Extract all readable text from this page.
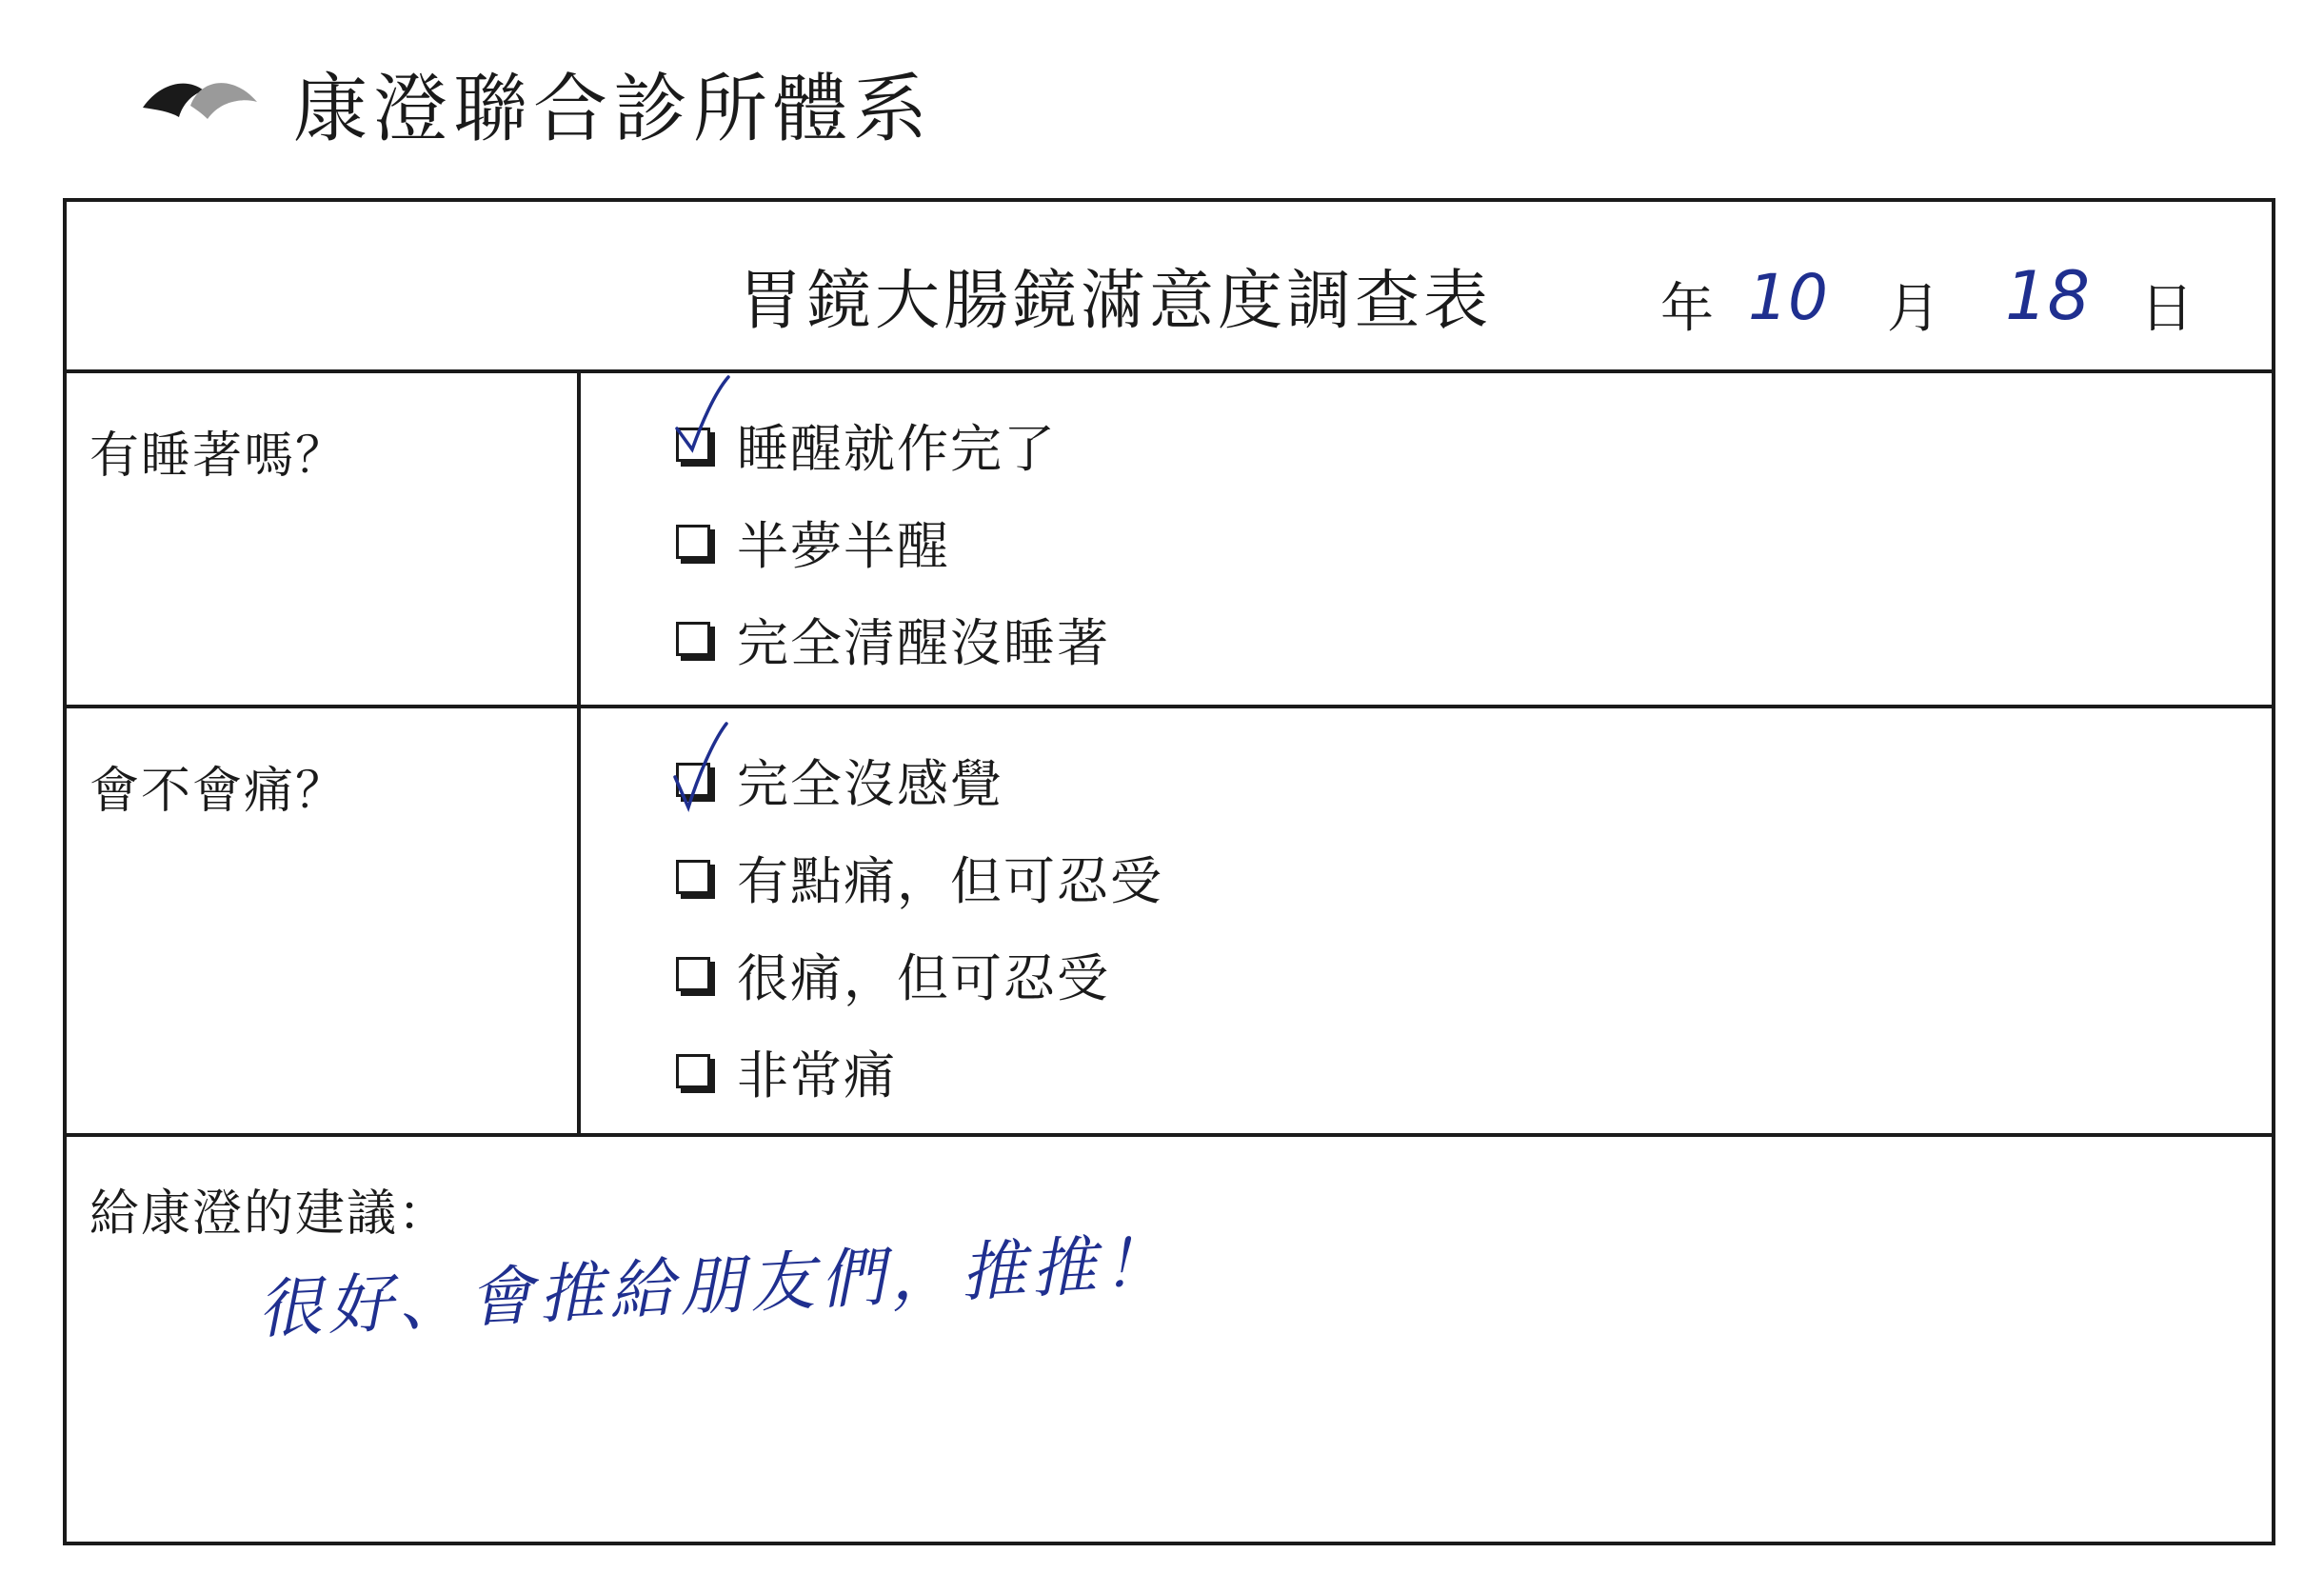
康澄聯合診所體系
胃鏡大腸鏡滿意度調查表	年 10 月 18 日
有睡著嗎？	睡醒就作完了
半夢半醒
完全清醒沒睡著
會不會痛？	完全沒感覺
有點痛，但可忍受
很痛，但可忍受
非常痛
給康澄的建議：
很好、會推給朋友們，推推！
